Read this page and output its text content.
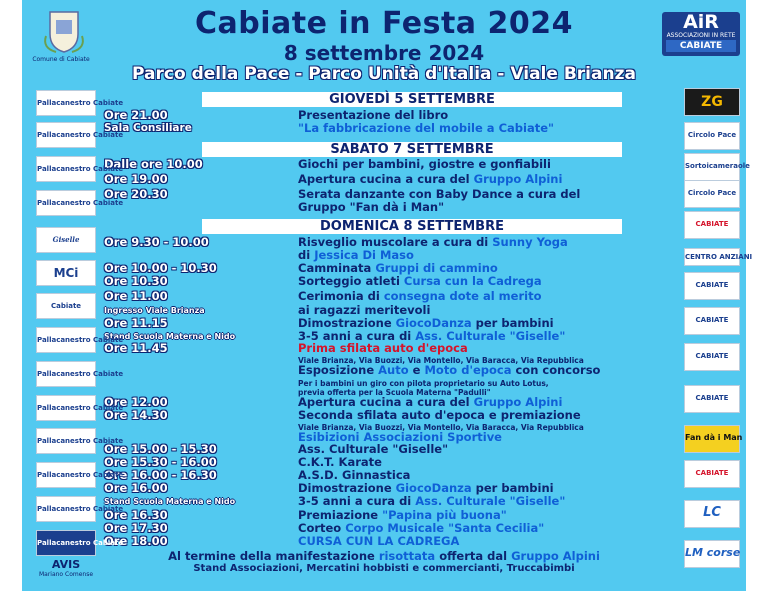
Comune di Cabiate
Cabiate in Festa 2024
8 settembre 2024
Parco della Pace - Parco Unità d'Italia - Viale Brianza
AiR
ASSOCIAZIONI IN RETE
CABIATE
GIOVEDÌ 5 SETTEMBRE
SABATO 7 SETTEMBRE
DOMENICA 8 SETTEMBRE
Ore 21.00	Presentazione del libro
Sala Consiliare	"La fabbricazione del mobile a Cabiate"
Dalle ore 10.00	Giochi per bambini, giostre e gonfiabili
Ore 19.00	Apertura cucina a cura del Gruppo Alpini
Ore 20.30	Serata danzante con Baby Dance a cura del
Gruppo "Fan dà i Man"
Ore 9.30 - 10.00	Risveglio muscolare a cura di Sunny Yoga
di Jessica Di Maso
Ore 10.00 - 10.30	Camminata Gruppi di cammino
Ore 10.30	Sorteggio atleti Cursa cun la Cadrega
Ore 11.00	Cerimonia di consegna dote al merito
Ingresso Viale Brianza	ai ragazzi meritevoli
Ore 11.15	Dimostrazione GiocoDanza per bambini
Stand Scuola Materna e Nido	3-5 anni a cura di Ass. Culturale "Giselle"
Ore 11.45	Prima sfilata auto d'epoca
Viale Brianza, Via Buozzi, Via Montello, Via Baracca, Via Repubblica
Esposizione Auto e Moto d'epoca con concorso
Per i bambini un giro con pilota proprietario su Auto Lotus,
previa offerta per la Scuola Materna "Padulli"
Ore 12.00	Apertura cucina a cura del Gruppo Alpini
Ore 14.30	Seconda sfilata auto d'epoca e premiazione
Viale Brianza, Via Buozzi, Via Montello, Via Baracca, Via Repubblica
Esibizioni Associazioni Sportive
Ore 15.00 - 15.30	Ass. Culturale "Giselle"
Ore 15.30 - 16.00	C.K.T. Karate
Ore 16.00 - 16.30	A.S.D. Ginnastica
Ore 16.00	Dimostrazione GiocoDanza per bambini
Stand Scuola Materna e Nido	3-5 anni a cura di Ass. Culturale "Giselle"
Ore 16.30	Premiazione "Papina più buona"
Ore 17.30	Corteo Corpo Musicale "Santa Cecilia"
Ore 18.00	CURSA CUN LA CADREGA
Al termine della manifestazione risottata offerta dal Gruppo Alpini
Stand Associazioni, Mercatini hobbisti e commercianti, Truccabimbi
Pallacanestro Cabiate
Pallacanestro Cabiate
Pallacanestro Cabiate
Pallacanestro Cabiate
Giselle
MCi
Cabiate
Pallacanestro Cabiate
Pallacanestro Cabiate
Pallacanestro Cabiate
Pallacanestro Cabiate
Pallacanestro Cabiate
Pallacanestro Cabiate
Pallacanestro Cabiate
AVIS
Mariano Comense
ZG
Circolo Pace
Sortoicameraole
Circolo Pace
CABIATE
CENTRO ANZIANI
CABIATE
CABIATE
CABIATE
CABIATE
Fan dà i Man
CABIATE
LC
LM corse
